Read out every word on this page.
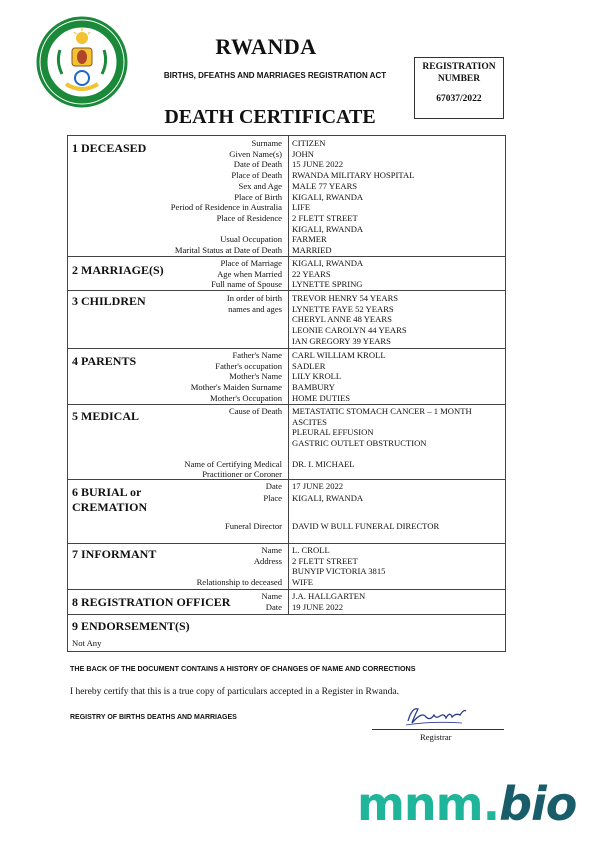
RWANDA
BIRTHS, DFEATHS AND MARRIAGES REGISTRATION ACT
REGISTRATION
NUMBER
67037/2022
DEATH CERTIFICATE
1 DECEASED	Surname	CITIZEN
Given Name(s)	JOHN
Date of Death	15 JUNE 2022
Place of Death	RWANDA MILITARY HOSPITAL
Sex and Age	MALE 77 YEARS
Place of Birth	KIGALI, RWANDA
Period of Residence in Australia	LIFE
Place of Residence	2 FLETT STREET
KIGALI, RWANDA
Usual Occupation	FARMER
Marital Status at Date of Death	MARRIED
2 MARRIAGE(S)	Place of Marriage	KIGALI, RWANDA
Age when Married	22 YEARS
Full name of Spouse	LYNETTE SPRING
3 CHILDREN	In order of birth	TREVOR HENRY 54 YEARS
names and ages	LYNETTE FAYE 52 YEARS
CHERYL ANNE 48 YEARS
LEONIE CAROLYN 44 YEARS
IAN GREGORY 39 YEARS
4 PARENTS	Father's Name	CARL WILLIAM KROLL
Father's occupation	SADLER
Mother's Name	LILY KROLL
Mother's Maiden Surname	BAMBURY
Mother's Occupation	HOME DUTIES
5 MEDICAL	Cause of Death	METASTATIC STOMACH CANCER – 1 MONTH
ASCITES
PLEURAL EFFUSION
GASTRIC OUTLET OBSTRUCTION
Name of Certifying Medical	DR. I. MICHAEL
Practitioner or Coroner
6 BURIAL or
CREMATION
Date	17 JUNE 2022
Place	KIGALI, RWANDA
Funeral Director	DAVID W BULL FUNERAL DIRECTOR
7 INFORMANT	Name	L. CROLL
Address	2 FLETT STREET
BUNYIP VICTORIA 3815
Relationship to deceased	WIFE
8 REGISTRATION OFFICER	Name	J.A. HALLGARTEN
Date	19 JUNE 2022
9 ENDORSEMENT(S)
Not Any
THE BACK OF THE DOCUMENT CONTAINS A HISTORY OF CHANGES OF NAME AND CORRECTIONS
I hereby certify that this is a true copy of particulars accepted in a Register in Rwanda.
REGISTRY OF BIRTHS DEATHS AND MARRIAGES
Registrar
mnm.bio
